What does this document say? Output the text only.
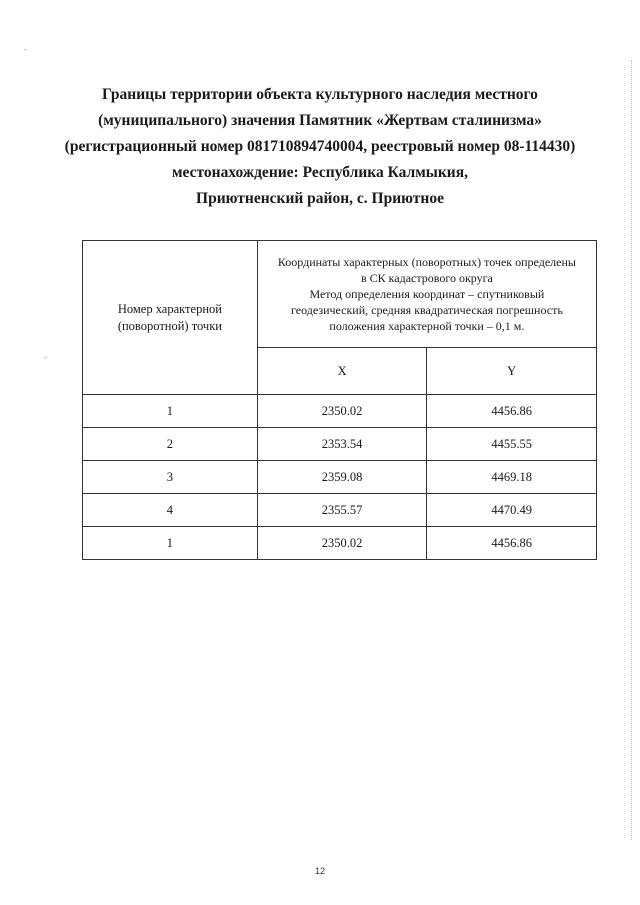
-
-
Границы территории объекта культурного наследия местного
(муниципального) значения Памятник «Жертвам сталинизма»
(регистрационный номер 081710894740004, реестровый номер 08-114430)
местонахождение: Республика Калмыкия,
Приютненский район, с. Приютное
Номер характерной (поворотной) точки	Координаты характерных (поворотных) точек определены
в СК кадастрового округа
Метод определения координат – спутниковый
геодезический, средняя квадратическая погрешность
положения характерной точки – 0,1 м.	

	X	Y
1	2350.02	4456.86
2	2353.54	4455.55
3	2359.08	4469.18
4	2355.57	4470.49
1	2350.02	4456.86
12
